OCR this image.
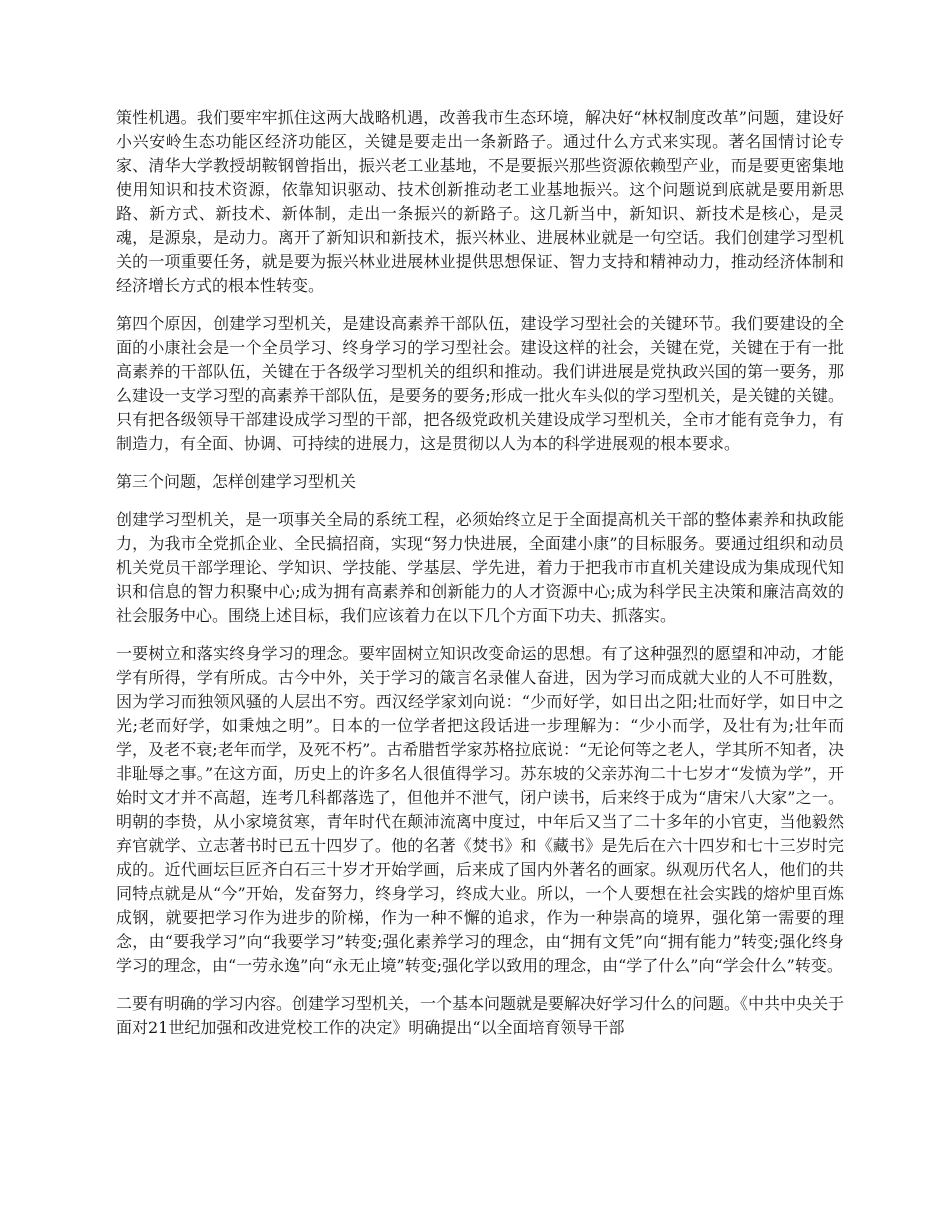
策性机遇。我们要牢牢抓住这两大战略机遇，改善我市生态环境，解决好“林权制度改革”问题，建设好小兴安岭生态功能区经济功能区，关键是要走出一条新路子。通过什么方式来实现。著名国情讨论专家、清华大学教授胡鞍钢曾指出，振兴老工业基地，不是要振兴那些资源依赖型产业，而是要更密集地使用知识和技术资源，依靠知识驱动、技术创新推动老工业基地振兴。这个问题说到底就是要用新思路、新方式、新技术、新体制，走出一条振兴的新路子。这几新当中，新知识、新技术是核心，是灵魂，是源泉，是动力。离开了新知识和新技术，振兴林业、进展林业就是一句空话。我们创建学习型机关的一项重要任务，就是要为振兴林业进展林业提供思想保证、智力支持和精神动力，推动经济体制和经济增长方式的根本性转变。

第四个原因，创建学习型机关，是建设高素养干部队伍，建设学习型社会的关键环节。我们要建设的全面的小康社会是一个全员学习、终身学习的学习型社会。建设这样的社会，关键在党，关键在于有一批高素养的干部队伍，关键在于各级学习型机关的组织和推动。我们讲进展是党执政兴国的第一要务，那么建设一支学习型的高素养干部队伍，是要务的要务;形成一批火车头似的学习型机关，是关键的关键。只有把各级领导干部建设成学习型的干部，把各级党政机关建设成学习型机关，全市才能有竞争力，有制造力，有全面、协调、可持续的进展力，这是贯彻以人为本的科学进展观的根本要求。

第三个问题，怎样创建学习型机关

创建学习型机关，是一项事关全局的系统工程，必须始终立足于全面提高机关干部的整体素养和执政能力，为我市全党抓企业、全民搞招商，实现“努力快进展，全面建小康”的目标服务。要通过组织和动员机关党员干部学理论、学知识、学技能、学基层、学先进，着力于把我市市直机关建设成为集成现代知识和信息的智力积聚中心;成为拥有高素养和创新能力的人才资源中心;成为科学民主决策和廉洁高效的社会服务中心。围绕上述目标，我们应该着力在以下几个方面下功夫、抓落实。

一要树立和落实终身学习的理念。要牢固树立知识改变命运的思想。有了这种强烈的愿望和冲动，才能学有所得，学有所成。古今中外，关于学习的箴言名录催人奋进，因为学习而成就大业的人不可胜数，因为学习而独领风骚的人层出不穷。西汉经学家刘向说：“少而好学，如日出之阳;壮而好学，如日中之光;老而好学，如秉烛之明”。日本的一位学者把这段话进一步理解为：“少小而学，及壮有为;壮年而学，及老不衰;老年而学，及死不朽”。古希腊哲学家苏格拉底说：“无论何等之老人，学其所不知者，决非耻辱之事。”在这方面，历史上的许多名人很值得学习。苏东坡的父亲苏洵二十七岁才“发愤为学”，开始时文才并不高超，连考几科都落选了，但他并不泄气，闭户读书，后来终于成为“唐宋八大家”之一。明朝的李贽，从小家境贫寒，青年时代在颠沛流离中度过，中年后又当了二十多年的小官吏，当他毅然弃官就学、立志著书时已五十四岁了。他的名著《焚书》和《藏书》是先后在六十四岁和七十三岁时完成的。近代画坛巨匠齐白石三十岁才开始学画，后来成了国内外著名的画家。纵观历代名人，他们的共同特点就是从“今”开始，发奋努力，终身学习，终成大业。所以，一个人要想在社会实践的熔炉里百炼成钢，就要把学习作为进步的阶梯，作为一种不懈的追求，作为一种崇高的境界，强化第一需要的理念，由“要我学习”向“我要学习”转变;强化素养学习的理念，由“拥有文凭”向“拥有能力”转变;强化终身学习的理念，由“一劳永逸”向“永无止境”转变;强化学以致用的理念，由“学了什么”向“学会什么”转变。

二要有明确的学习内容。创建学习型机关，一个基本问题就是要解决好学习什么的问题。《中共中央关于面对21世纪加强和改进党校工作的决定》明确提出“以全面培育领导干部
